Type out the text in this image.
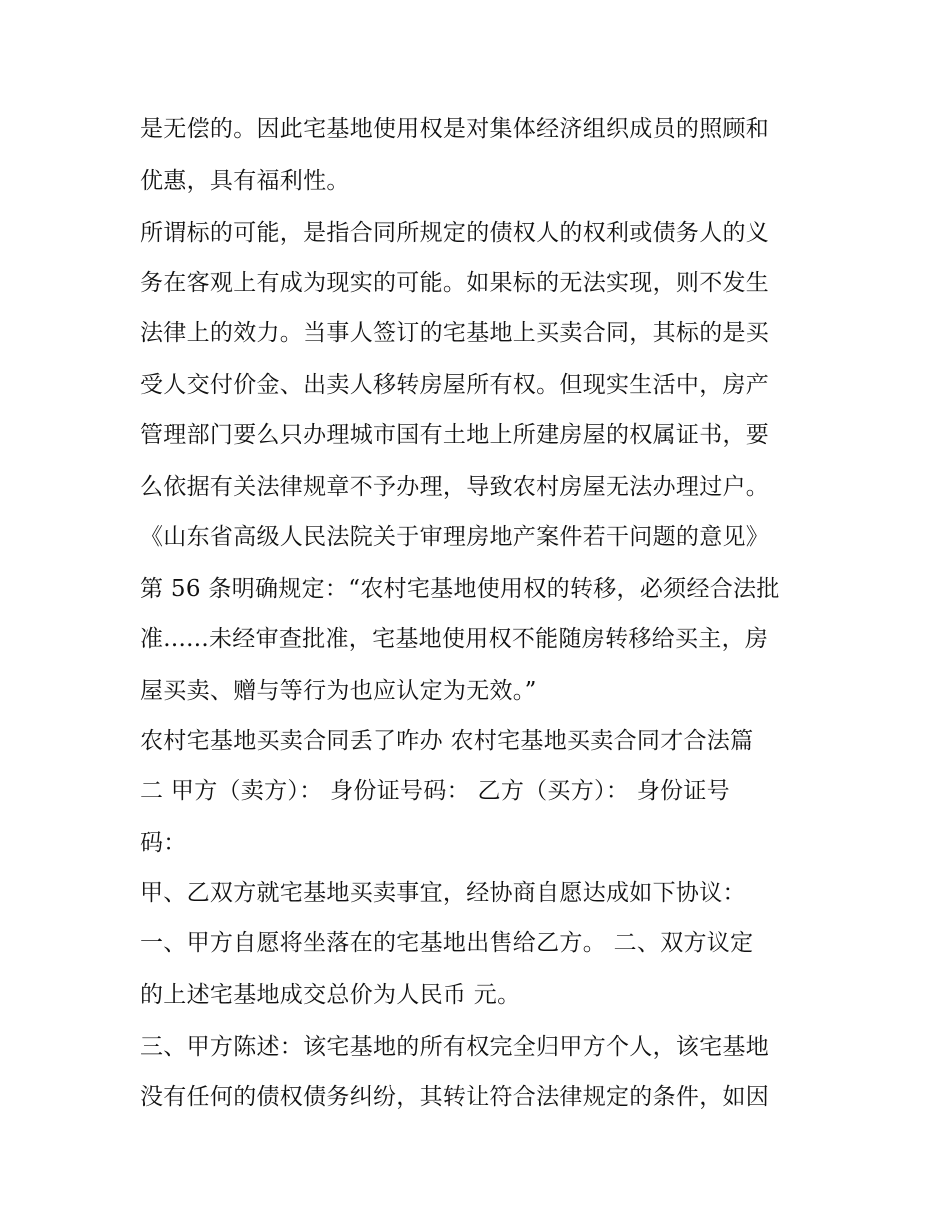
是无偿的。因此宅基地使用权是对集体经济组织成员的照顾和
优惠，具有福利性。
所谓标的可能，是指合同所规定的债权人的权利或债务人的义
务在客观上有成为现实的可能。如果标的无法实现，则不发生
法律上的效力。当事人签订的宅基地上买卖合同，其标的是买
受人交付价金、出卖人移转房屋所有权。但现实生活中，房产
管理部门要么只办理城市国有土地上所建房屋的权属证书，要
么依据有关法律规章不予办理，导致农村房屋无法办理过户。
《山东省高级人民法院关于审理房地产案件若干问题的意见》
第 56 条明确规定：“农村宅基地使用权的转移，必须经合法批
准......未经审查批准，宅基地使用权不能随房转移给买主，房
屋买卖、赠与等行为也应认定为无效。”
农村宅基地买卖合同丢了咋办 农村宅基地买卖合同才合法篇
二 甲方（卖方）： 身份证号码： 乙方（买方）： 身份证号
码：
甲、乙双方就宅基地买卖事宜，经协商自愿达成如下协议：
一、甲方自愿将坐落在的宅基地出售给乙方。 二、双方议定
的上述宅基地成交总价为人民币 元。
三、甲方陈述：该宅基地的所有权完全归甲方个人，该宅基地
没有任何的债权债务纠纷，其转让符合法律规定的条件，如因
